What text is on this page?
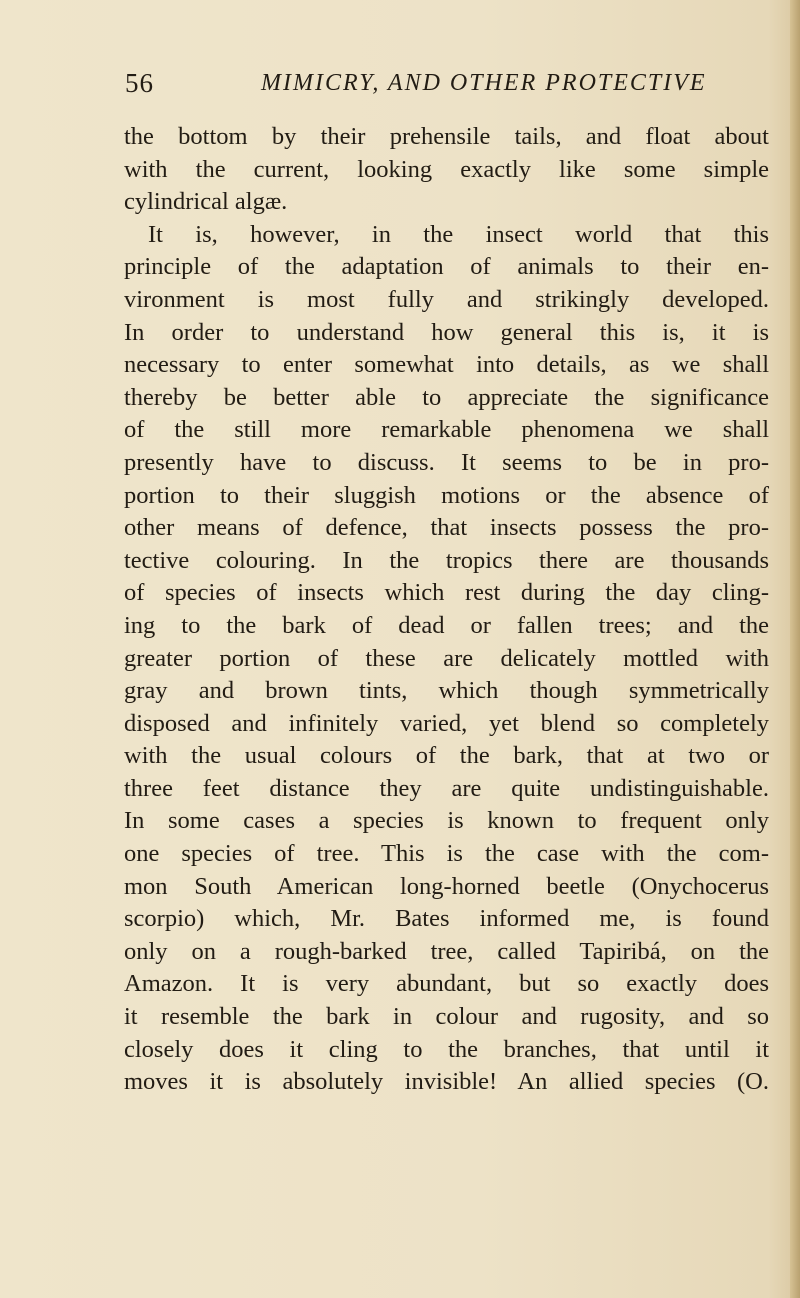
56	MIMICRY, AND OTHER PROTECTIVE
the bottom by their prehensile tails, and float about
with the current, looking exactly like some simple
cylindrical algæ.
It is, however, in the insect world that this
principle of the adaptation of animals to their en-
vironment is most fully and strikingly developed.
In order to understand how general this is, it is
necessary to enter somewhat into details, as we shall
thereby be better able to appreciate the significance
of the still more remarkable phenomena we shall
presently have to discuss. It seems to be in pro-
portion to their sluggish motions or the absence of
other means of defence, that insects possess the pro-
tective colouring. In the tropics there are thousands
of species of insects which rest during the day cling-
ing to the bark of dead or fallen trees; and the
greater portion of these are delicately mottled with
gray and brown tints, which though symmetrically
disposed and infinitely varied, yet blend so completely
with the usual colours of the bark, that at two or
three feet distance they are quite undistinguishable.
In some cases a species is known to frequent only
one species of tree. This is the case with the com-
mon South American long-horned beetle (Onychocerus
scorpio) which, Mr. Bates informed me, is found
only on a rough-barked tree, called Tapiribá, on the
Amazon. It is very abundant, but so exactly does
it resemble the bark in colour and rugosity, and so
closely does it cling to the branches, that until it
moves it is absolutely invisible! An allied species (O.
